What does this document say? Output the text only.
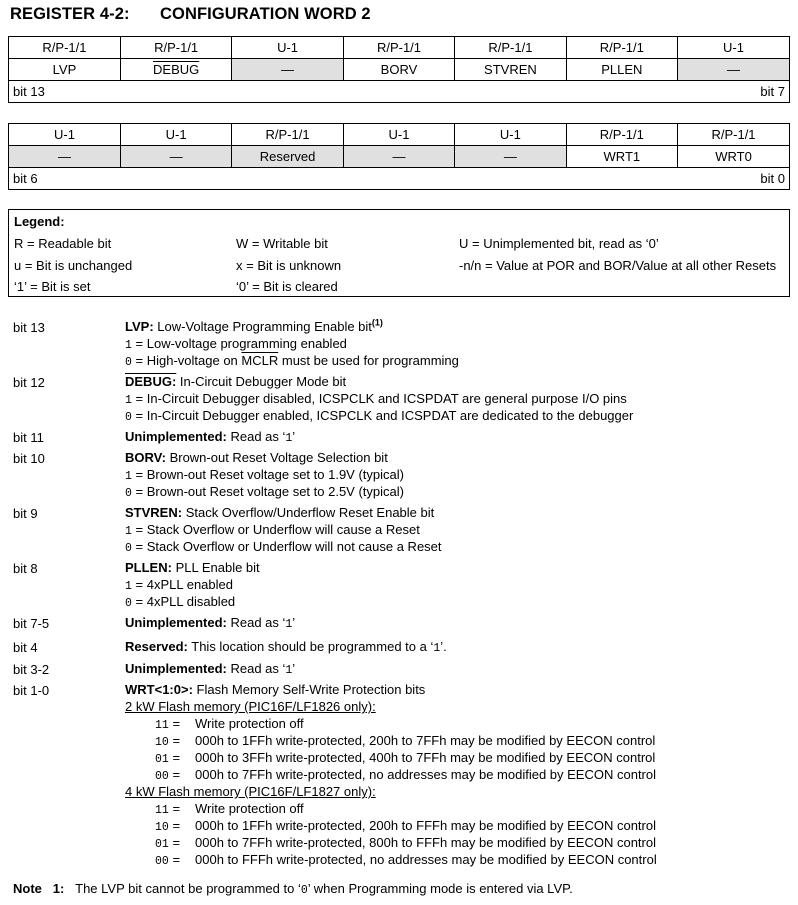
REGISTER 4-2: CONFIGURATION WORD 2
R/P-1/1	R/P-1/1	U-1	R/P-1/1	R/P-1/1	R/P-1/1	U-1
LVP	DEBUG	—	BORV	STVREN	PLLEN	—
bit 13	bit 7
U-1	U-1	R/P-1/1	U-1	U-1	R/P-1/1	R/P-1/1
—	—	Reserved	—	—	WRT1	WRT0
bit 6	bit 0
Legend:
R = Readable bit	W = Writable bit	U = Unimplemented bit, read as ‘0’
u = Bit is unchanged	x = Bit is unknown	-n/n = Value at POR and BOR/Value at all other Resets
‘1’ = Bit is set	‘0’ = Bit is cleared
bit 13	LVP: Low-Voltage Programming Enable bit$^{(1)}$
1 = Low-voltage programming enabled
0 = High-voltage on MCLR must be used for programming
bit 12	DEBUG: In-Circuit Debugger Mode bit
1 = In-Circuit Debugger disabled, ICSPCLK and ICSPDAT are general purpose I/O pins
0 = In-Circuit Debugger enabled, ICSPCLK and ICSPDAT are dedicated to the debugger
bit 11	Unimplemented: Read as ‘1’
bit 10	BORV: Brown-out Reset Voltage Selection bit
1 = Brown-out Reset voltage set to 1.9V (typical)
0 = Brown-out Reset voltage set to 2.5V (typical)
bit 9	STVREN: Stack Overflow/Underflow Reset Enable bit
1 = Stack Overflow or Underflow will cause a Reset
0 = Stack Overflow or Underflow will not cause a Reset
bit 8	PLLEN: PLL Enable bit
1 = 4xPLL enabled
0 = 4xPLL disabled
bit 7-5	Unimplemented: Read as ‘1’
bit 4	Reserved: This location should be programmed to a ‘1’.
bit 3-2	Unimplemented: Read as ‘1’
bit 1-0	WRT<1:0>: Flash Memory Self-Write Protection bits
2 kW Flash memory (PIC16F/LF1826 only):
11 = Write protection off
10 = 000h to 1FFh write-protected, 200h to 7FFh may be modified by EECON control
01 = 000h to 3FFh write-protected, 400h to 7FFh may be modified by EECON control
00 = 000h to 7FFh write-protected, no addresses may be modified by EECON control
4 kW Flash memory (PIC16F/LF1827 only):
11 = Write protection off
10 = 000h to 1FFh write-protected, 200h to FFFh may be modified by EECON control
01 = 000h to 7FFh write-protected, 800h to FFFh may be modified by EECON control
00 = 000h to FFFh write-protected, no addresses may be modified by EECON control
Note 1: The LVP bit cannot be programmed to ‘0’ when Programming mode is entered via LVP.
